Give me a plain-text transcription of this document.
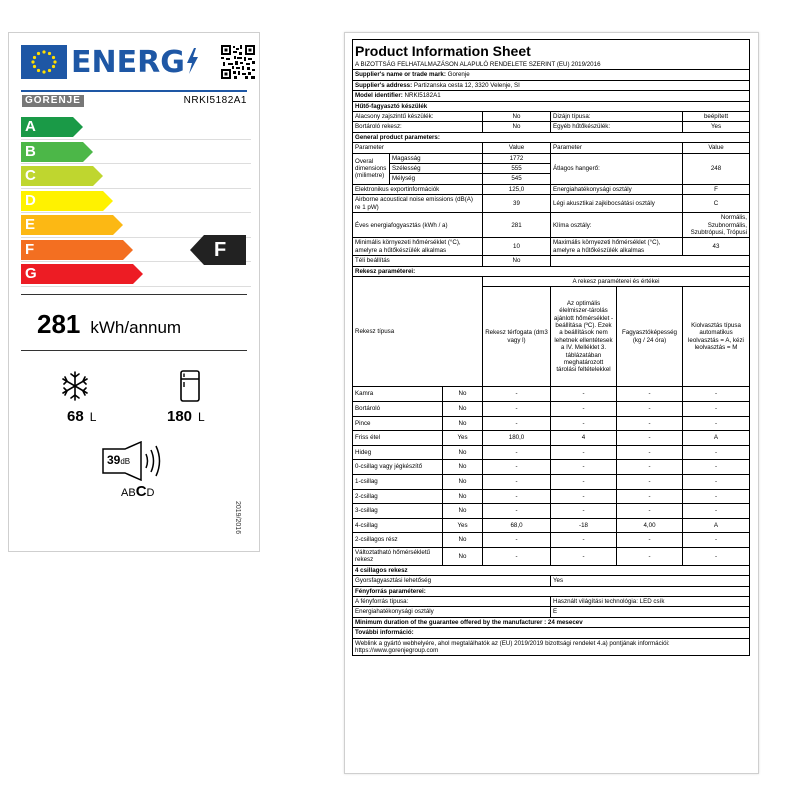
ENERG
GORENJE	NRKI5182A1
A
B
C
D
E
F
G
F
281 kWh/annum
68 L	180 L
39dB
ABCD
2019/2016
Product Information Sheet						

A BIZOTTSÁG FELHATALMAZÁSON ALAPULÓ RENDELETE SZERINT (EU) 2019/2016						
Supplier's name or trade mark: Gorenje						
Supplier's address: Partizanska cesta 12, 3320 Velenje, SI						
Model identifier: NRKI5182A1						
Hűtő-fagyasztó készülék						
Alacsony zajszintű készülék:			No	Dizájn típusa:		beépített
Bortároló rekesz:			No	Egyéb hűtőkészülék:		Yes
General product parameters:						
Parameter			Value	Parameter		Value
Overal dimensions (milimetre)	Magasság		1772	Átlagos hangerő:		248
	Szélesség		555			
	Mélység		545			
Elektronikus exportinformációk			125,0	Energiahatékonysági osztály		F
Airborne acoustical noise emissions (dB(A) re 1 pW)			39	Légi akusztikai zajkibocsátási osztály		C
Éves energiafogyasztás (kWh / a)			281	Klíma osztály:		Normális, Szubnormális, Szubtrópusi, Trópusi
Minimális környezeti hőmérséklet (°C), amelyre a hűtőkészülék alkalmas			10	Maximális környezeti hőmérséklet (°C), amelyre a hűtőkészülék alkalmas		43
Téli beállítás			No			
Rekesz paraméterei:						
Rekesz típusa			A rekesz paraméterei és értékei			
			Rekesz térfogata (dm3 vagy l)	Az optimális élelmiszer-tárolás ajánlott hőmérséklet -beállítása (ºC). Ezek a beállítások nem lehetnek ellentétesek a IV. Melléklet 3. táblázatában meghatározott tárolási feltételekkel	Fagyasztóképesség (kg / 24 óra)	Kiolvasztás típusa automatikus leolvasztás = A, kézi leolvasztás = M
Kamra		No	-	-	-	-
Bortároló		No	-	-	-	-
Pince		No	-	-	-	-
Friss étel		Yes	180,0	4	-	A
Hideg		No	-	-	-	-
0-csillag vagy jégkészítő		No	-	-	-	-
1-csillag		No	-	-	-	-
2-csillag		No	-	-	-	-
3-csillag		No	-	-	-	-
4-csillag		Yes	68,0	-18	4,00	A
2-csillagos rész		No	-	-	-	-
Változtatható hőmérsékletű rekesz		No	-	-	-	-
4 csillagos rekesz						
Gyorsfagyasztási lehetőség				Yes		
Fényforrás paraméterei:						
A fényforrás típusa:				Használt világítási technológia: LED csík		
Energiahatékonysági osztály				E		
Minimum duration of the guarantee offered by the manufacturer : 24 mesecev						
További információ:						

Weblink a gyártó webhelyére, ahol megtalálhatók az (EU) 2019/2019 bizottsági rendelet 4.a) pontjának információi:
https://www.gorenjegroup.com						
